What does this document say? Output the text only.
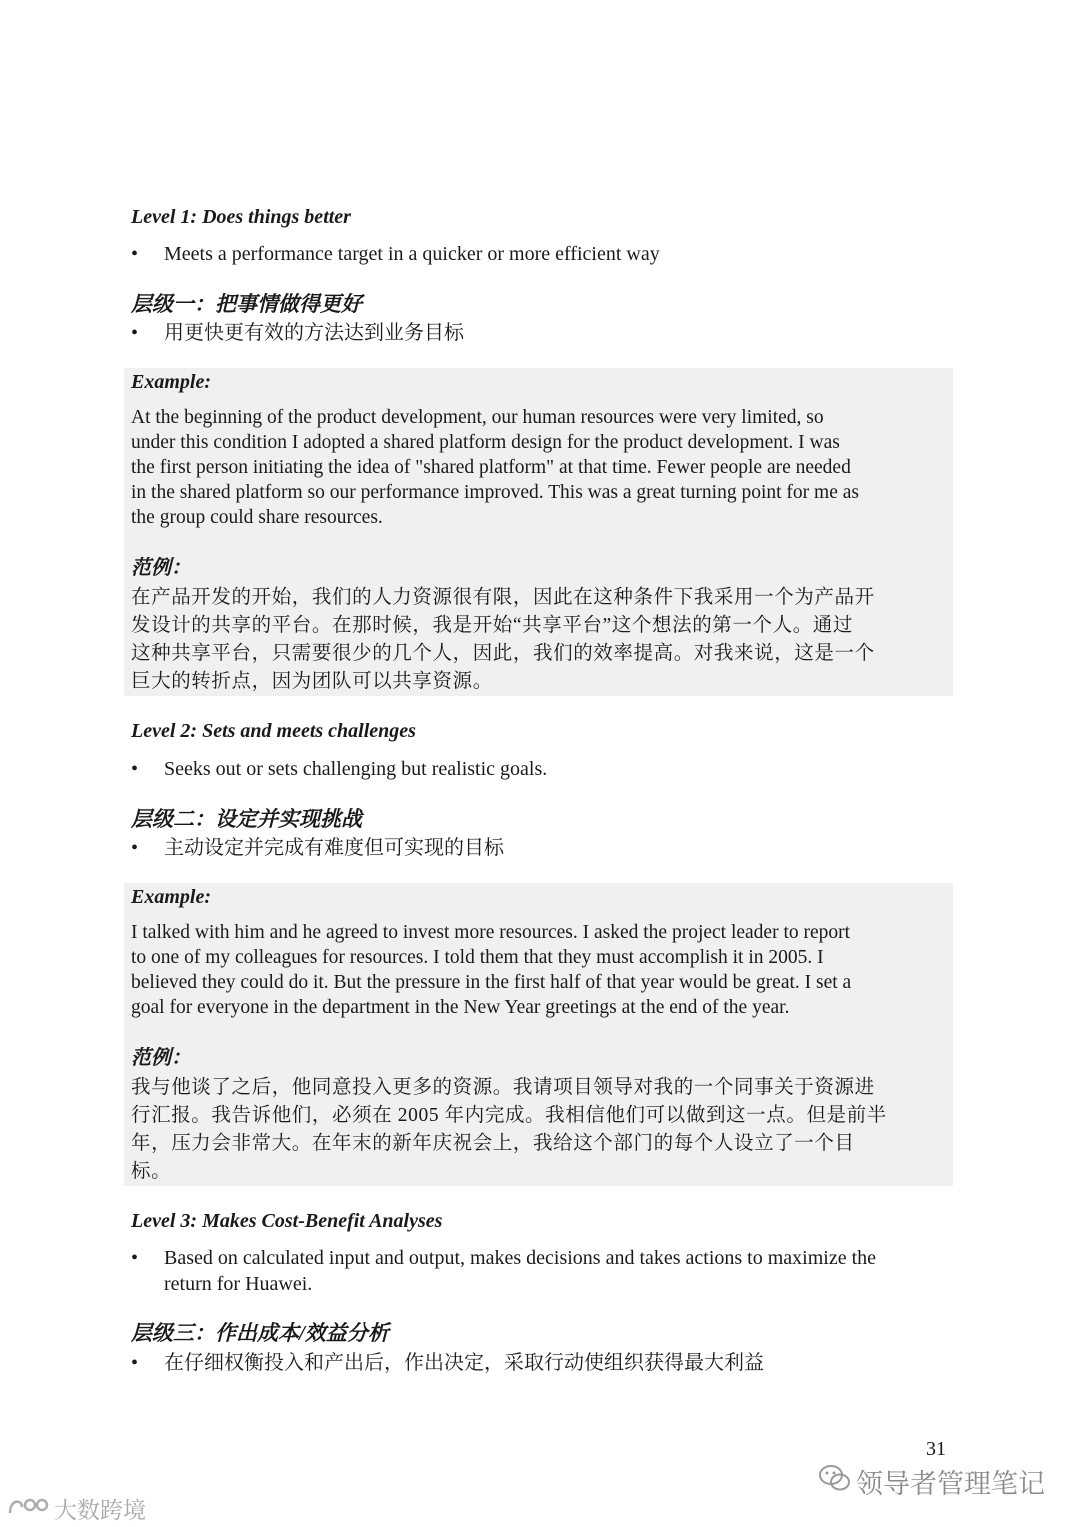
Level 1: Does things better
•	Meets a performance target in a quicker or more efficient way
层级一：把事情做得更好
•	用更快更有效的方法达到业务目标
Example:
At the beginning of the product development, our human resources were very limited, so
under this condition I adopted a shared platform design for the product development. I was
the first person initiating the idea of "shared platform" at that time. Fewer people are needed
in the shared platform so our performance improved. This was a great turning point for me as
the group could share resources.
范例：
在产品开发的开始，我们的人力资源很有限，因此在这种条件下我采用一个为产品开
发设计的共享的平台。在那时候，我是开始“共享平台”这个想法的第一个人。通过
这种共享平台，只需要很少的几个人，因此，我们的效率提高。对我来说，这是一个
巨大的转折点，因为团队可以共享资源。
Level 2: Sets and meets challenges
•	Seeks out or sets challenging but realistic goals.
层级二：设定并实现挑战
•	主动设定并完成有难度但可实现的目标
Example:
I talked with him and he agreed to invest more resources. I asked the project leader to report
to one of my colleagues for resources. I told them that they must accomplish it in 2005. I
believed they could do it. But the pressure in the first half of that year would be great. I set a
goal for everyone in the department in the New Year greetings at the end of the year.
范例：
我与他谈了之后，他同意投入更多的资源。我请项目领导对我的一个同事关于资源进
行汇报。我告诉他们，必须在 2005 年内完成。我相信他们可以做到这一点。但是前半
年，压力会非常大。在年末的新年庆祝会上，我给这个部门的每个人设立了一个目
标。
Level 3: Makes Cost-Benefit Analyses
•	Based on calculated input and output, makes decisions and takes actions to maximize the
return for Huawei.
层级三：作出成本/效益分析
•	在仔细权衡投入和产出后，作出决定，采取行动使组织获得最大利益
31
领导者管理笔记
大数跨境
